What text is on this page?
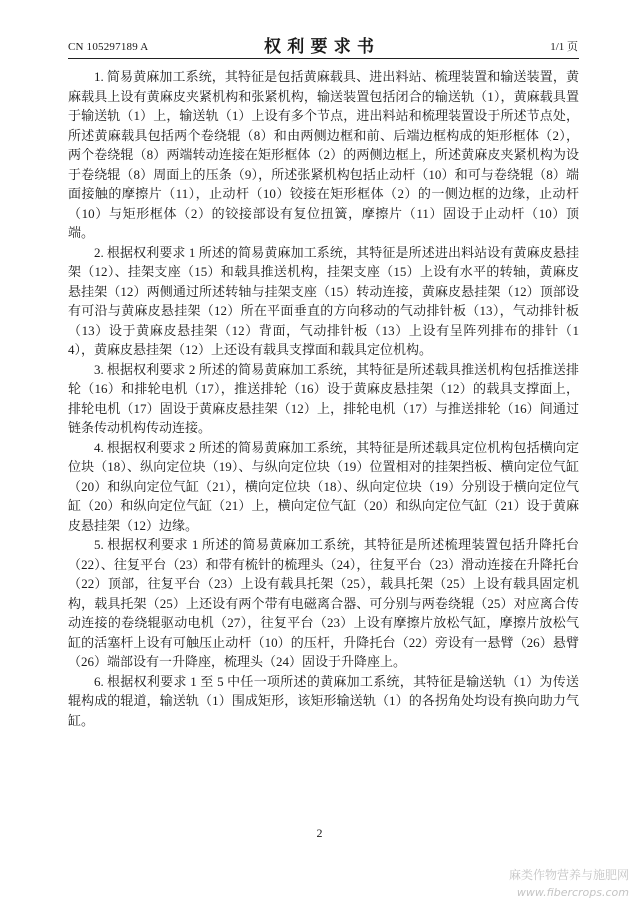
CN 105297189 A	权 利 要 求 书	1/1 页

1. 简易黄麻加工系统，其特征是包括黄麻载具、进出料站、梳理装置和输送装置，黄麻载具上设有黄麻皮夹紧机构和张紧机构，输送装置包括闭合的输送轨（1），黄麻载具置于输送轨（1）上，输送轨（1）上设有多个节点，进出料站和梳理装置设于所述节点处，所述黄麻载具包括两个卷绕辊（8）和由两侧边框和前、后端边框构成的矩形框体（2），两个卷绕辊（8）两端转动连接在矩形框体（2）的两侧边框上，所述黄麻皮夹紧机构为设于卷绕辊（8）周面上的压条（9），所述张紧机构包括止动杆（10）和可与卷绕辊（8）端面接触的摩擦片（11），止动杆（10）铰接在矩形框体（2）的一侧边框的边缘，止动杆（10）与矩形框体（2）的铰接部设有复位扭簧，摩擦片（11）固设于止动杆（10）顶端。

2. 根据权利要求 1 所述的简易黄麻加工系统，其特征是所述进出料站设有黄麻皮悬挂架（12）、挂架支座（15）和载具推送机构，挂架支座（15）上设有水平的转轴，黄麻皮悬挂架（12）两侧通过所述转轴与挂架支座（15）转动连接，黄麻皮悬挂架（12）顶部设有可沿与黄麻皮悬挂架（12）所在平面垂直的方向移动的气动排针板（13），气动排针板（13）设于黄麻皮悬挂架（12）背面，气动排针板（13）上设有呈阵列排布的排针（14），黄麻皮悬挂架（12）上还设有载具支撑面和载具定位机构。

3. 根据权利要求 2 所述的简易黄麻加工系统，其特征是所述载具推送机构包括推送排轮（16）和排轮电机（17），推送排轮（16）设于黄麻皮悬挂架（12）的载具支撑面上，排轮电机（17）固设于黄麻皮悬挂架（12）上，排轮电机（17）与推送排轮（16）间通过链条传动机构传动连接。

4. 根据权利要求 2 所述的简易黄麻加工系统，其特征是所述载具定位机构包括横向定位块（18）、纵向定位块（19）、与纵向定位块（19）位置相对的挂架挡板、横向定位气缸（20）和纵向定位气缸（21），横向定位块（18）、纵向定位块（19）分别设于横向定位气缸（20）和纵向定位气缸（21）上，横向定位气缸（20）和纵向定位气缸（21）设于黄麻皮悬挂架（12）边缘。

5. 根据权利要求 1 所述的简易黄麻加工系统，其特征是所述梳理装置包括升降托台（22）、往复平台（23）和带有梳针的梳理头（24），往复平台（23）滑动连接在升降托台（22）顶部，往复平台（23）上设有载具托架（25），载具托架（25）上设有载具固定机构，载具托架（25）上还设有两个带有电磁离合器、可分别与两卷绕辊（25）对应离合传动连接的卷绕辊驱动电机（27），往复平台（23）上设有摩擦片放松气缸，摩擦片放松气缸的活塞杆上设有可触压止动杆（10）的压杆，升降托台（22）旁设有一悬臂（26）悬臂（26）端部设有一升降座，梳理头（24）固设于升降座上。

6. 根据权利要求 1 至 5 中任一项所述的黄麻加工系统，其特征是输送轨（1）为传送辊构成的辊道，输送轨（1）围成矩形，该矩形输送轨（1）的各拐角处均设有换向助力气缸。

2
麻类作物营养与施肥网
www.fibercrops.com
